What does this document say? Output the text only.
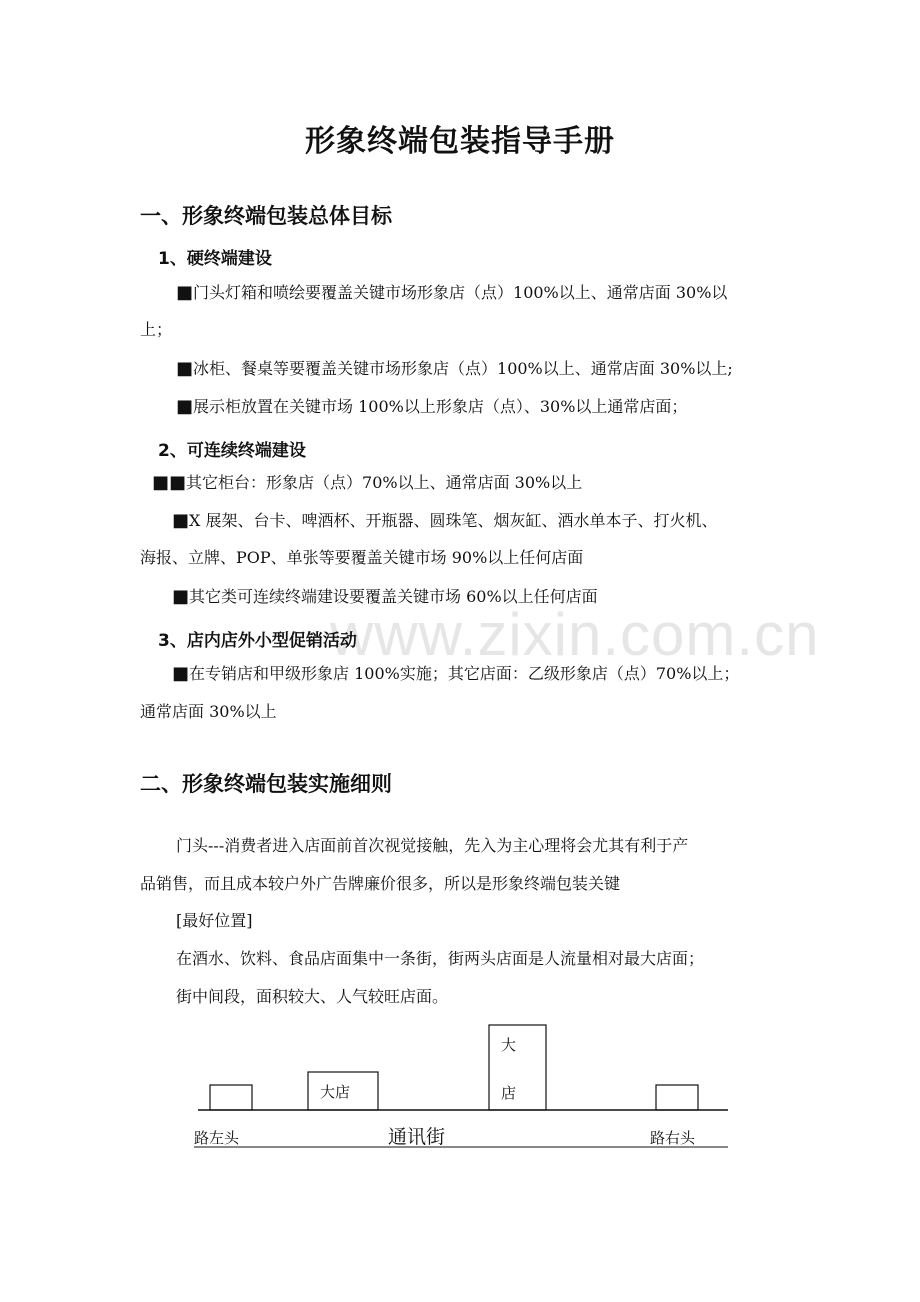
www.zixin.com.cn
形象终端包装指导手册
一、形象终端包装总体目标
1、硬终端建设
■门头灯箱和喷绘要覆盖关键市场形象店（点）100%以上、通常店面 30%以
上；
■冰柜、餐桌等要覆盖关键市场形象店（点）100%以上、通常店面 30%以上;
■展示柜放置在关键市场 100%以上形象店（点）、30%以上通常店面；
2、可连续终端建设
■■其它柜台：形象店（点）70%以上、通常店面 30%以上
■X 展架、台卡、啤酒杯、开瓶器、圆珠笔、烟灰缸、酒水单本子、打火机、
海报、立牌、POP、单张等要覆盖关键市场 90%以上任何店面
■其它类可连续终端建设要覆盖关键市场 60%以上任何店面
3、店内店外小型促销活动
■在专销店和甲级形象店 100%实施；其它店面：乙级形象店（点）70%以上；
通常店面 30%以上
二、形象终端包装实施细则
门头---消费者进入店面前首次视觉接触，先入为主心理将会尤其有利于产
品销售，而且成本较户外广告牌廉价很多，所以是形象终端包装关键
[最好位置]
在酒水、饮料、食品店面集中一条街，街两头店面是人流量相对最大店面；
街中间段，面积较大、人气较旺店面。
大店
大
店
路左头	通讯街	路右头
